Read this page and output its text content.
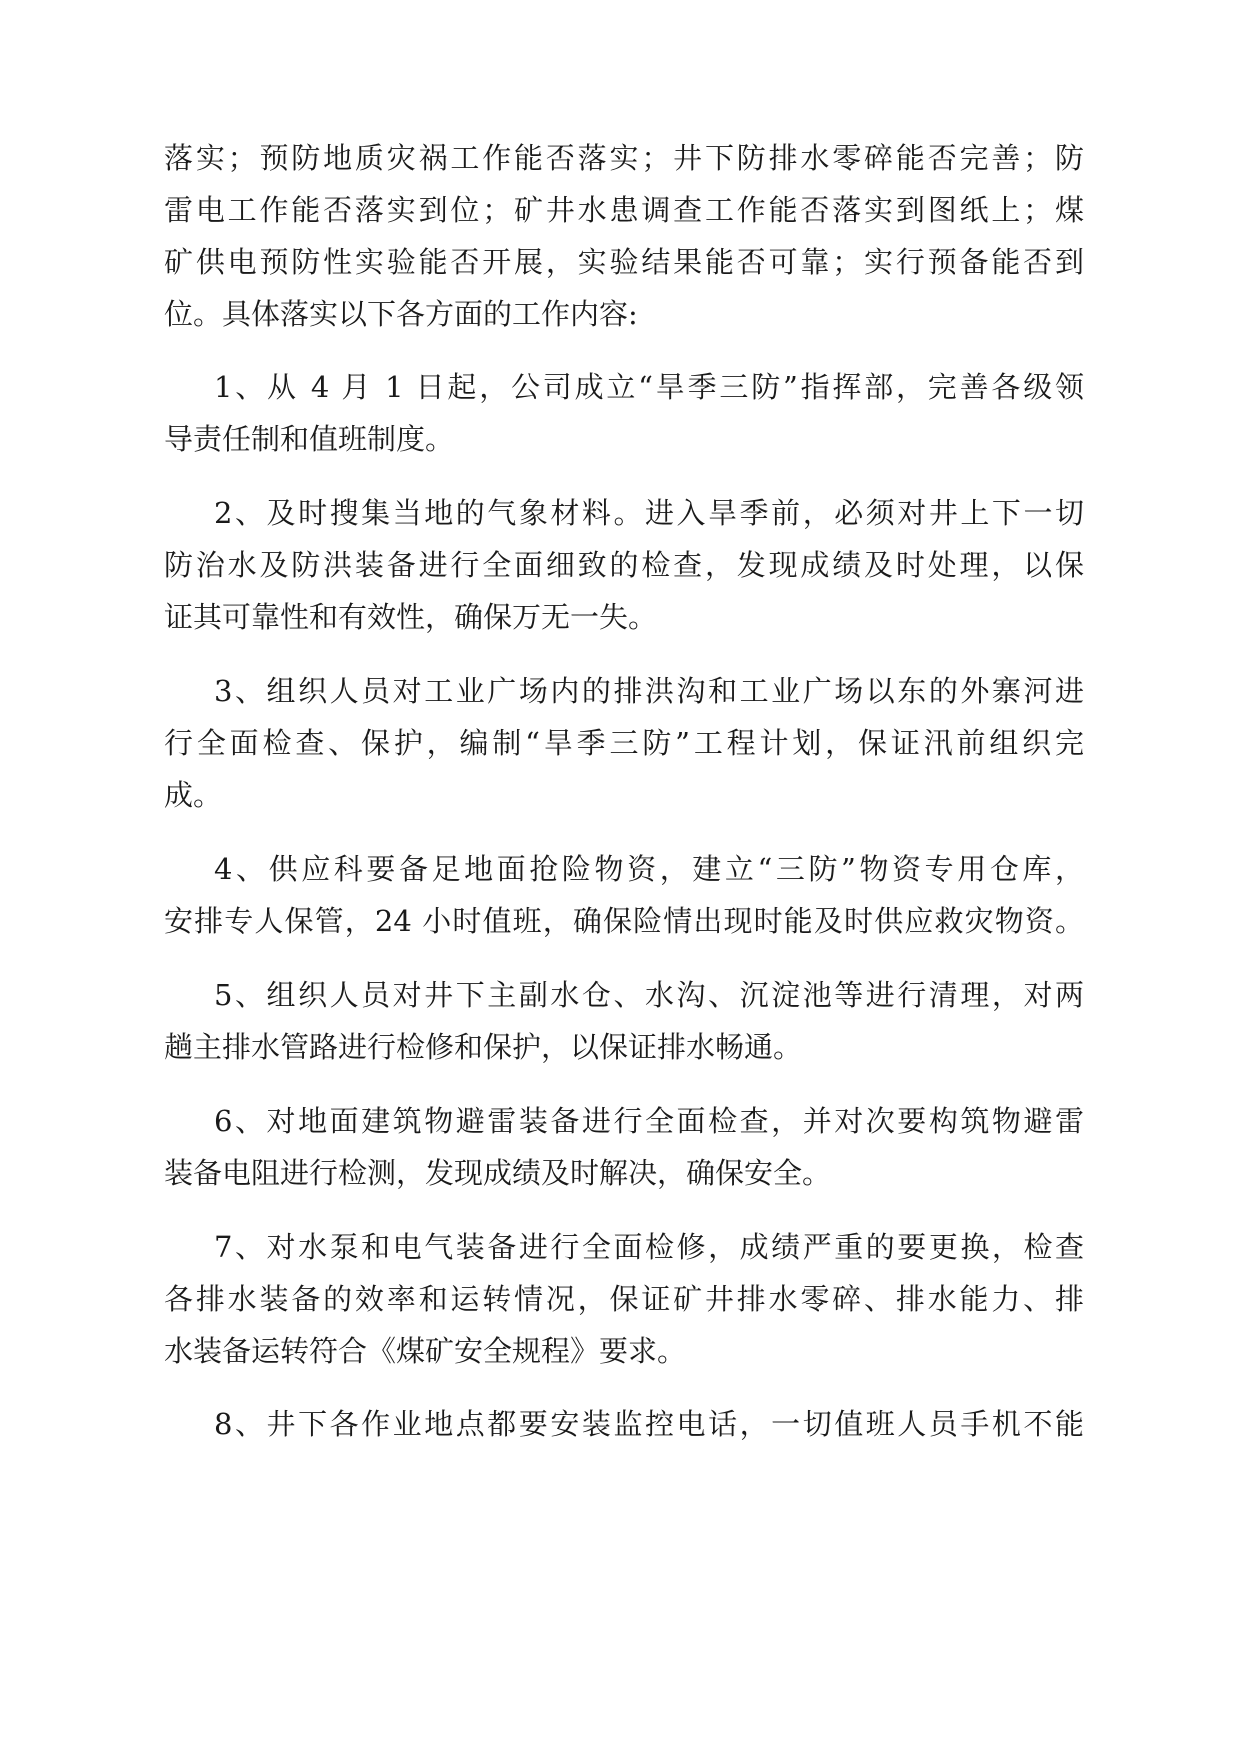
落实；预防地质灾祸工作能否落实；井下防排水零碎能否完善；防
雷电工作能否落实到位；矿井水患调查工作能否落实到图纸上；煤
矿供电预防性实验能否开展，实验结果能否可靠；实行预备能否到
位。具体落实以下各方面的工作内容:
1、从 4 月 1 日起，公司成立“旱季三防”指挥部，完善各级领
导责任制和值班制度。
2、及时搜集当地的气象材料。进入旱季前，必须对井上下一切
防治水及防洪装备进行全面细致的检查，发现成绩及时处理，以保
证其可靠性和有效性，确保万无一失。
3、组织人员对工业广场内的排洪沟和工业广场以东的外寨河进
行全面检查、保护，编制“旱季三防”工程计划，保证汛前组织完
成。
4、供应科要备足地面抢险物资，建立“三防”物资专用仓库，
安排专人保管，24 小时值班，确保险情出现时能及时供应救灾物资。
5、组织人员对井下主副水仓、水沟、沉淀池等进行清理，对两
趟主排水管路进行检修和保护，以保证排水畅通。
6、对地面建筑物避雷装备进行全面检查，并对次要构筑物避雷
装备电阻进行检测，发现成绩及时解决，确保安全。
7、对水泵和电气装备进行全面检修，成绩严重的要更换，检查
各排水装备的效率和运转情况，保证矿井排水零碎、排水能力、排
水装备运转符合《煤矿安全规程》要求。
8、井下各作业地点都要安装监控电话，一切值班人员手机不能
